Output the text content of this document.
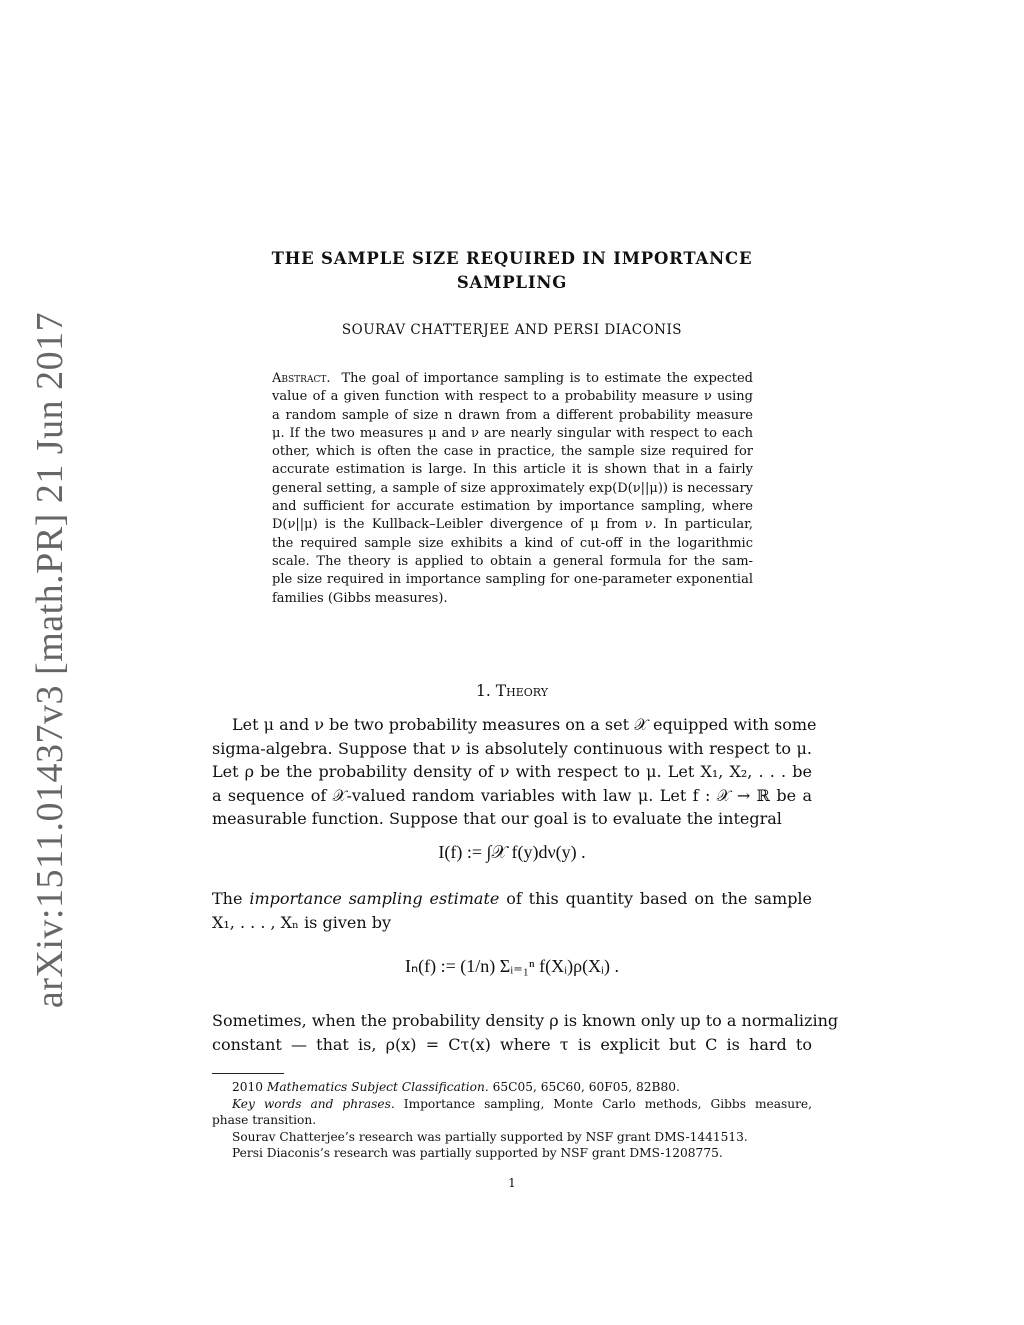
arXiv:1511.01437v3 [math.PR] 21 Jun 2017
THE SAMPLE SIZE REQUIRED IN IMPORTANCE
SAMPLING
SOURAV CHATTERJEE AND PERSI DIACONIS
Abstract. The goal of importance sampling is to estimate the expected
value of a given function with respect to a probability measure ν using
a random sample of size n drawn from a different probability measure
μ. If the two measures μ and ν are nearly singular with respect to each
other, which is often the case in practice, the sample size required for
accurate estimation is large. In this article it is shown that in a fairly
general setting, a sample of size approximately exp(D(ν||μ)) is necessary
and sufficient for accurate estimation by importance sampling, where
D(ν||μ) is the Kullback–Leibler divergence of μ from ν. In particular,
the required sample size exhibits a kind of cut-off in the logarithmic
scale. The theory is applied to obtain a general formula for the sam-
ple size required in importance sampling for one-parameter exponential
families (Gibbs measures).
1. Theory
Let μ and ν be two probability measures on a set 𝒳 equipped with some
sigma-algebra. Suppose that ν is absolutely continuous with respect to μ.
Let ρ be the probability density of ν with respect to μ. Let X₁, X₂, . . . be
a sequence of 𝒳-valued random variables with law μ. Let f : 𝒳 → ℝ be a
measurable function. Suppose that our goal is to evaluate the integral
I(f) := ∫𝒳 f(y)dν(y) .
The importance sampling estimate of this quantity based on the sample
X₁, . . . , Xₙ is given by
Iₙ(f) := (1/n) Σᵢ₌₁ⁿ f(Xᵢ)ρ(Xᵢ) .
Sometimes, when the probability density ρ is known only up to a normalizing
constant — that is, ρ(x) = Cτ(x) where τ is explicit but C is hard to
2010 Mathematics Subject Classification. 65C05, 65C60, 60F05, 82B80.
Key words and phrases. Importance sampling, Monte Carlo methods, Gibbs measure,
phase transition.
Sourav Chatterjee’s research was partially supported by NSF grant DMS-1441513.
Persi Diaconis’s research was partially supported by NSF grant DMS-1208775.
1
